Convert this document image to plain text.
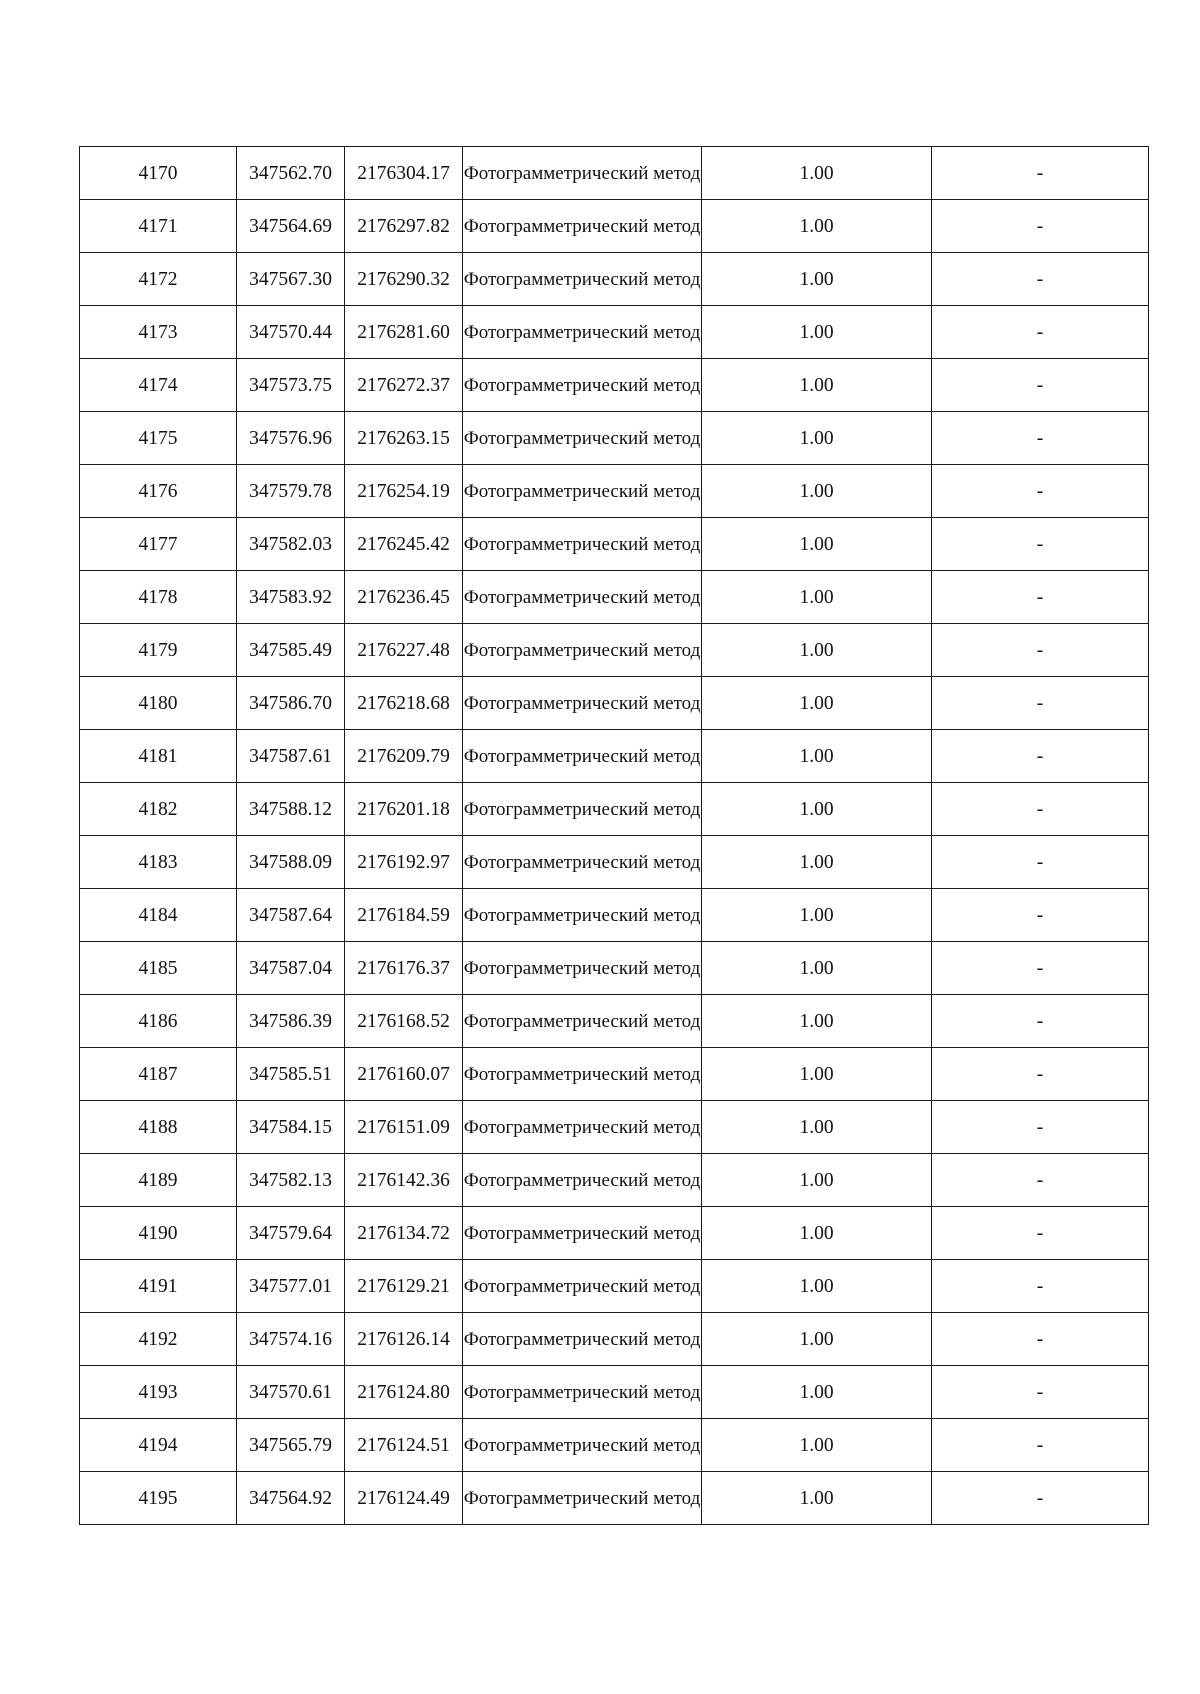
4170	347562.70	2176304.17	Фотограмметрический метод	1.00	-
4171	347564.69	2176297.82	Фотограмметрический метод	1.00	-
4172	347567.30	2176290.32	Фотограмметрический метод	1.00	-
4173	347570.44	2176281.60	Фотограмметрический метод	1.00	-
4174	347573.75	2176272.37	Фотограмметрический метод	1.00	-
4175	347576.96	2176263.15	Фотограмметрический метод	1.00	-
4176	347579.78	2176254.19	Фотограмметрический метод	1.00	-
4177	347582.03	2176245.42	Фотограмметрический метод	1.00	-
4178	347583.92	2176236.45	Фотограмметрический метод	1.00	-
4179	347585.49	2176227.48	Фотограмметрический метод	1.00	-
4180	347586.70	2176218.68	Фотограмметрический метод	1.00	-
4181	347587.61	2176209.79	Фотограмметрический метод	1.00	-
4182	347588.12	2176201.18	Фотограмметрический метод	1.00	-
4183	347588.09	2176192.97	Фотограмметрический метод	1.00	-
4184	347587.64	2176184.59	Фотограмметрический метод	1.00	-
4185	347587.04	2176176.37	Фотограмметрический метод	1.00	-
4186	347586.39	2176168.52	Фотограмметрический метод	1.00	-
4187	347585.51	2176160.07	Фотограмметрический метод	1.00	-
4188	347584.15	2176151.09	Фотограмметрический метод	1.00	-
4189	347582.13	2176142.36	Фотограмметрический метод	1.00	-
4190	347579.64	2176134.72	Фотограмметрический метод	1.00	-
4191	347577.01	2176129.21	Фотограмметрический метод	1.00	-
4192	347574.16	2176126.14	Фотограмметрический метод	1.00	-
4193	347570.61	2176124.80	Фотограмметрический метод	1.00	-
4194	347565.79	2176124.51	Фотограмметрический метод	1.00	-
4195	347564.92	2176124.49	Фотограмметрический метод	1.00	-
